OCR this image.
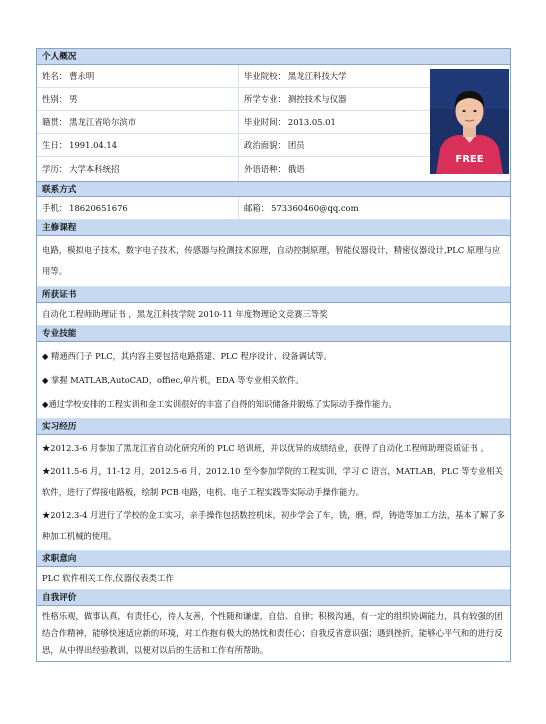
个人概况
姓名： 曹永明	毕业院校： 黑龙江科技大学
性别： 男	所学专业： 测控技术与仪器
籍贯： 黑龙江省哈尔滨市	毕业时间： 2013.05.01
生日： 1991.04.14	政治面貌： 团员
学历： 大学本科统招	外语语种： 俄语
FREE
联系方式
手机： 18620651676	邮箱： 573360460@qq.com
主修课程
电路，模拟电子技术，数字电子技术，传感器与检测技术原理，自动控制原理，智能仪器设计，精密仪器设计,PLC 原理与应用等。
所获证书
自动化工程师助理证书 ，黑龙江科技学院 2010-11 年度物理论文竞赛三等奖
专业技能
◆ 精通西门子 PLC，其内容主要包括电路搭建、PLC 程序设计、设备调试等。
◆ 掌握 MATLAB,AutoCAD，offiec,单片机，EDA 等专业相关软件。
◆通过学校安排的工程实训和金工实训很好的丰富了自得的知识储备并锻炼了实际动手操作能力。
实习经历
★2012.3-6 月参加了黑龙江省自动化研究所的 PLC 培训班，并以优异的成绩结业，获得了自动化工程师助理资质证书 。
★2011.5-6 月，11-12 月，2012.5-6 月，2012.10 至今参加学院的工程实训，学习 C 语言，MATLAB，PLC 等专业相关软件，进行了焊接电路板，绘制 PCB 电路，电机、电子工程实践等实际动手操作能力。
★2012.3-4 月进行了学校的金工实习，亲手操作包括数控机床，初步学会了车，铣，磨，焊，铸造等加工方法，基本了解了多种加工机械的使用。
求职意向
PLC 软件相关工作,仪器仪表类工作
自我评价
性格乐观，做事认真，有责任心，待人友善，个性随和谦虚，自信、自律；积极沟通，有一定的组织协调能力，具有较强的团结合作精神，能够快速适应新的环境，对工作抱有极大的热忱和责任心；自我反省意识强；遇到挫折，能够心平气和的进行反思，从中得出经验教训，以便对以后的生活和工作有所帮助。
